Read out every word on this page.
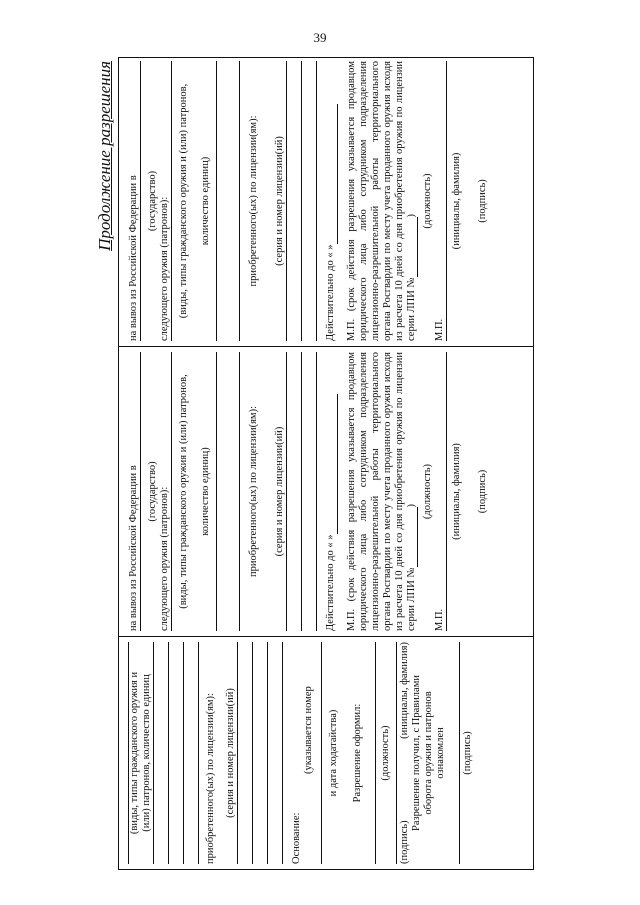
39
Продолжение разрешения
(виды, типы гражданского оружия и (или) патронов, количество единиц	приобретенного(ых) по лицензии(ям): (серия и номер лицензии(ий)
Основание:
(указывается номер и дата ходатайства) Разрешение оформил: (должность)
(подпись)
(инициалы, фамилия) Разрешение получил, с Правилами оборота оружия и патронов ознакомлен (подпись)
на вывоз из Российской Федерации в (государство) следующего оружия (патронов): (виды, типы гражданского оружия и (или) патронов, количество единиц)	приобретенного(ых) по лицензии(ям): (серия и номер лицензии(ий)
Действительно до « » М.П. (срок действия разрешения указывается продавцом юридического лица либо сотрудником подразделения лицензионно-разрешительной работы территориального органа Росгвардии по месту учета проданного оружия исходя из расчета 10 дней со дня приобретения оружия по лицензии серии ЛПИ №) (должность)
М.П.
(инициалы, фамилия) (подпись)
на вывоз из Российской Федерации в (государство) следующего оружия (патронов): (виды, типы гражданского оружия и (или) патронов, количество единиц)	приобретенного(ых) по лицензии(ям): (серия и номер лицензии(ий)
Действительно до « » М.П. (срок действия разрешения указывается продавцом юридического лица либо сотрудником подразделения лицензионно-разрешительной работы территориального органа Росгвардии по месту учета проданного оружия исходя из расчета 10 дней со дня приобретения оружия по лицензии серии ЛПИ №) (должность)
М.П.
(инициалы, фамилия) (подпись)
